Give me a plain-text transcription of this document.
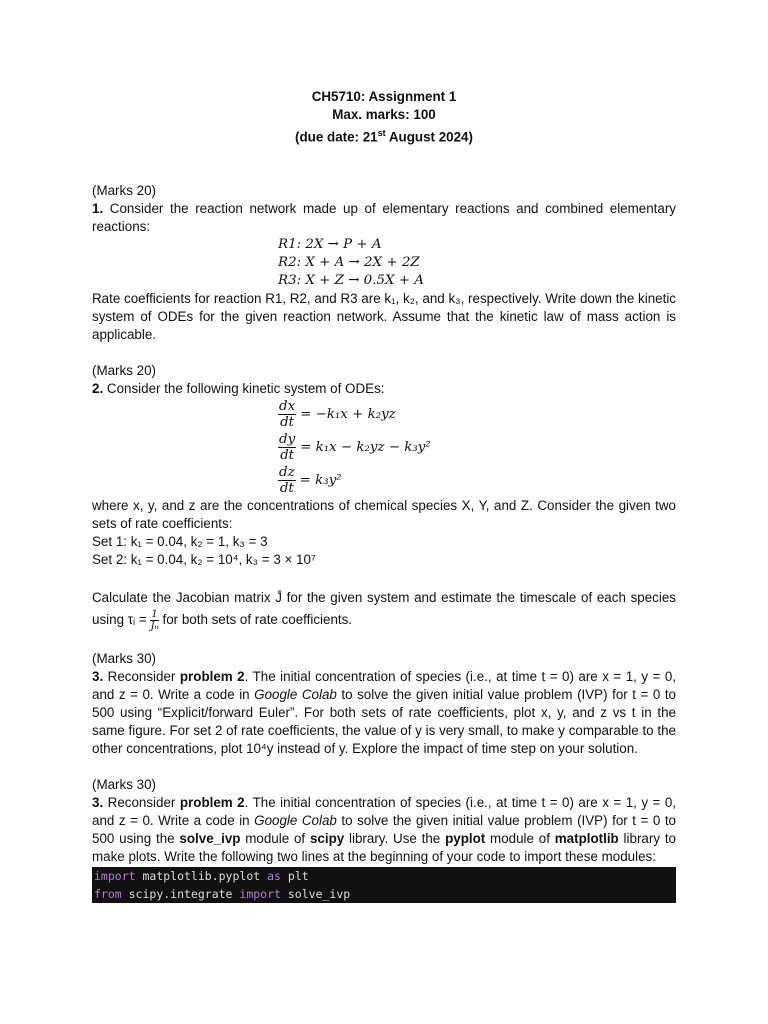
CH5710: Assignment 1
Max. marks: 100
(due date: 21st August 2024)

(Marks 20)

1. Consider the reaction network made up of elementary reactions and combined elementary reactions:

R1: 2X → P + A
R2: X + A → 2X + 2Z
R3: X + Z → 0.5X + A

Rate coefficients for reaction R1, R2, and R3 are k₁, k₂, and k₃, respectively. Write down the kinetic system of ODEs for the given reaction network. Assume that the kinetic law of mass action is applicable.

(Marks 20)

2. Consider the following kinetic system of ODEs:

$\frac{dx}{dt} = -k_1x + k_2yz$
$\frac{dy}{dt} = k_1x - k_2yz - k_3y^2$
$\frac{dz}{dt} = k_3y^2$

where x, y, and z are the concentrations of chemical species X, Y, and Z. Consider the given two sets of rate coefficients:

Set 1: k₁ = 0.04, k₂ = 1, k₃ = 3

Set 2: k₁ = 0.04, k₂ = 10⁴, k₃ = 3 × 10⁷

Calculate the Jacobian matrix J̄ for the given system and estimate the timescale of each species using τᵢ = $\frac{1}{\text{Jᵢᵢ}}$ for both sets of rate coefficients.

(Marks 30)

3. Reconsider problem 2. The initial concentration of species (i.e., at time t = 0) are x = 1, y = 0, and z = 0. Write a code in Google Colab to solve the given initial value problem (IVP) for t = 0 to 500 using “Explicit/forward Euler”. For both sets of rate coefficients, plot x, y, and z vs t in the same figure. For set 2 of rate coefficients, the value of y is very small, to make y comparable to the other concentrations, plot 10⁴y instead of y. Explore the impact of time step on your solution.

(Marks 30)

3. Reconsider problem 2. The initial concentration of species (i.e., at time t = 0) are x = 1, y = 0, and z = 0. Write a code in Google Colab to solve the given initial value problem (IVP) for t = 0 to 500 using the solve_ivp module of scipy library. Use the pyplot module of matplotlib library to make plots. Write the following two lines at the beginning of your code to import these modules:

import matplotlib.pyplot as plt
from scipy.integrate import solve_ivp
